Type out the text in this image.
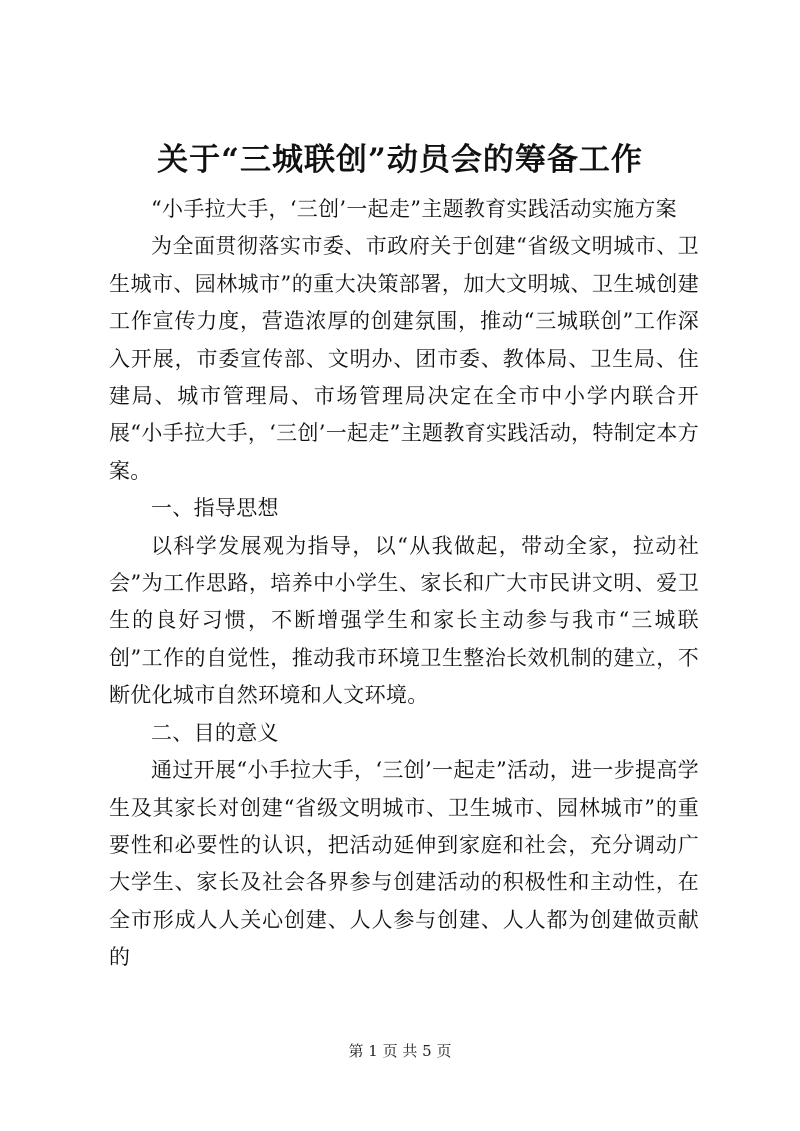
关于“三城联创”动员会的筹备工作

“小手拉大手，‘三创’一起走”主题教育实践活动实施方案

为全面贯彻落实市委、市政府关于创建“省级文明城市、卫生城市、园林城市”的重大决策部署，加大文明城、卫生城创建工作宣传力度，营造浓厚的创建氛围，推动“三城联创”工作深入开展，市委宣传部、文明办、团市委、教体局、卫生局、住建局、城市管理局、市场管理局决定在全市中小学内联合开展“小手拉大手，‘三创’一起走”主题教育实践活动，特制定本方案。

一、指导思想

以科学发展观为指导，以“从我做起，带动全家，拉动社会”为工作思路，培养中小学生、家长和广大市民讲文明、爱卫生的良好习惯，不断增强学生和家长主动参与我市“三城联创”工作的自觉性，推动我市环境卫生整治长效机制的建立，不断优化城市自然环境和人文环境。

二、目的意义

通过开展“小手拉大手，‘三创’一起走”活动，进一步提高学生及其家长对创建“省级文明城市、卫生城市、园林城市”的重要性和必要性的认识，把活动延伸到家庭和社会，充分调动广大学生、家长及社会各界参与创建活动的积极性和主动性，在全市形成人人关心创建、人人参与创建、人人都为创建做贡献的

第 1 页 共 5 页
